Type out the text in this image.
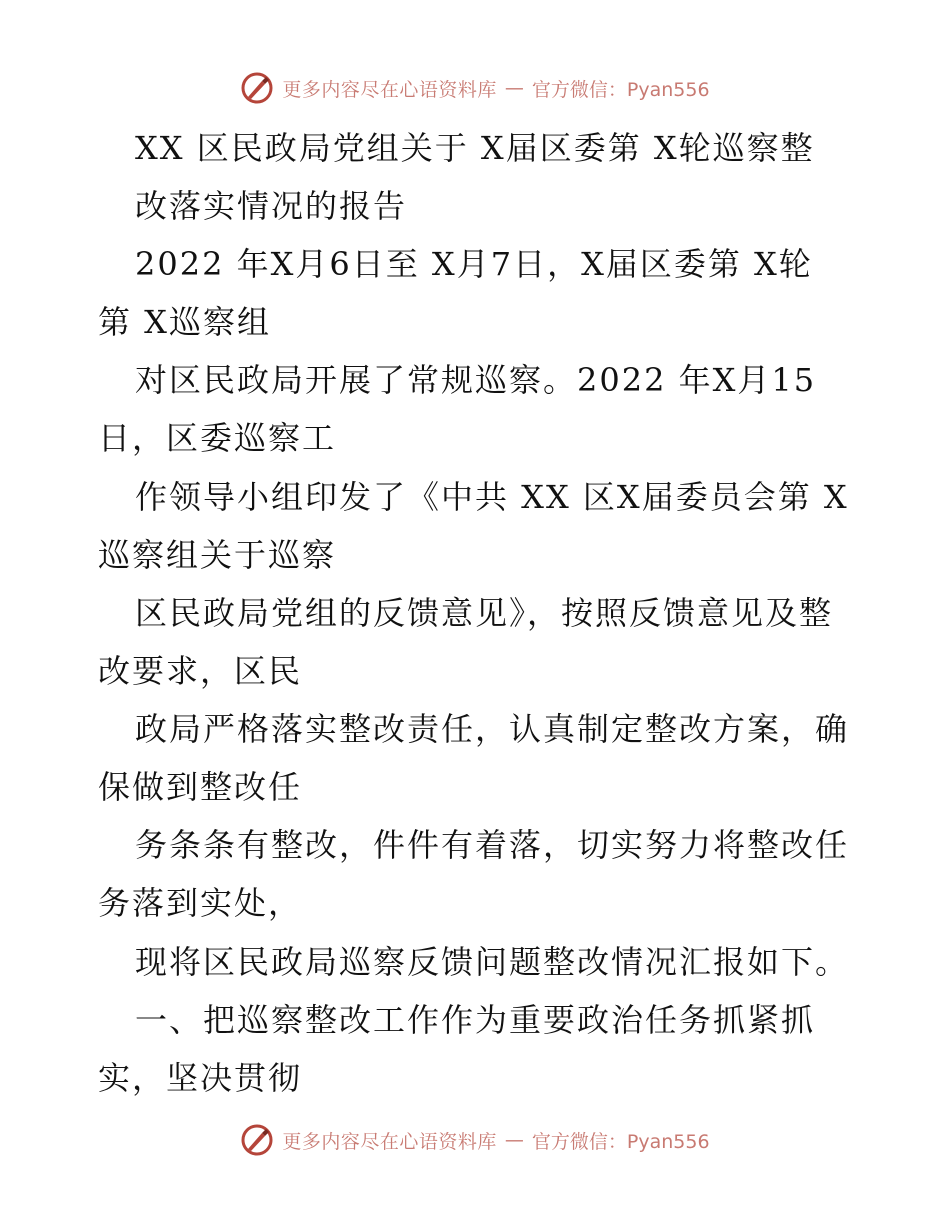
更多内容尽在心语资料库 — 官方微信：Pyan556
XX 区民政局党组关于 X届区委第 X轮巡察整
改落实情况的报告
2022 年X月6日至 X月7日，X届区委第 X轮
第 X巡察组
对区民政局开展了常规巡察。2022 年X月15
日，区委巡察工
作领导小组印发了《中共 XX 区X届委员会第 X
巡察组关于巡察
区民政局党组的反馈意见》，按照反馈意见及整
改要求，区民
政局严格落实整改责任，认真制定整改方案，确
保做到整改任
务条条有整改，件件有着落，切实努力将整改任
务落到实处，
现将区民政局巡察反馈问题整改情况汇报如下。
一、把巡察整改工作作为重要政治任务抓紧抓
实，坚决贯彻
更多内容尽在心语资料库 — 官方微信：Pyan556
